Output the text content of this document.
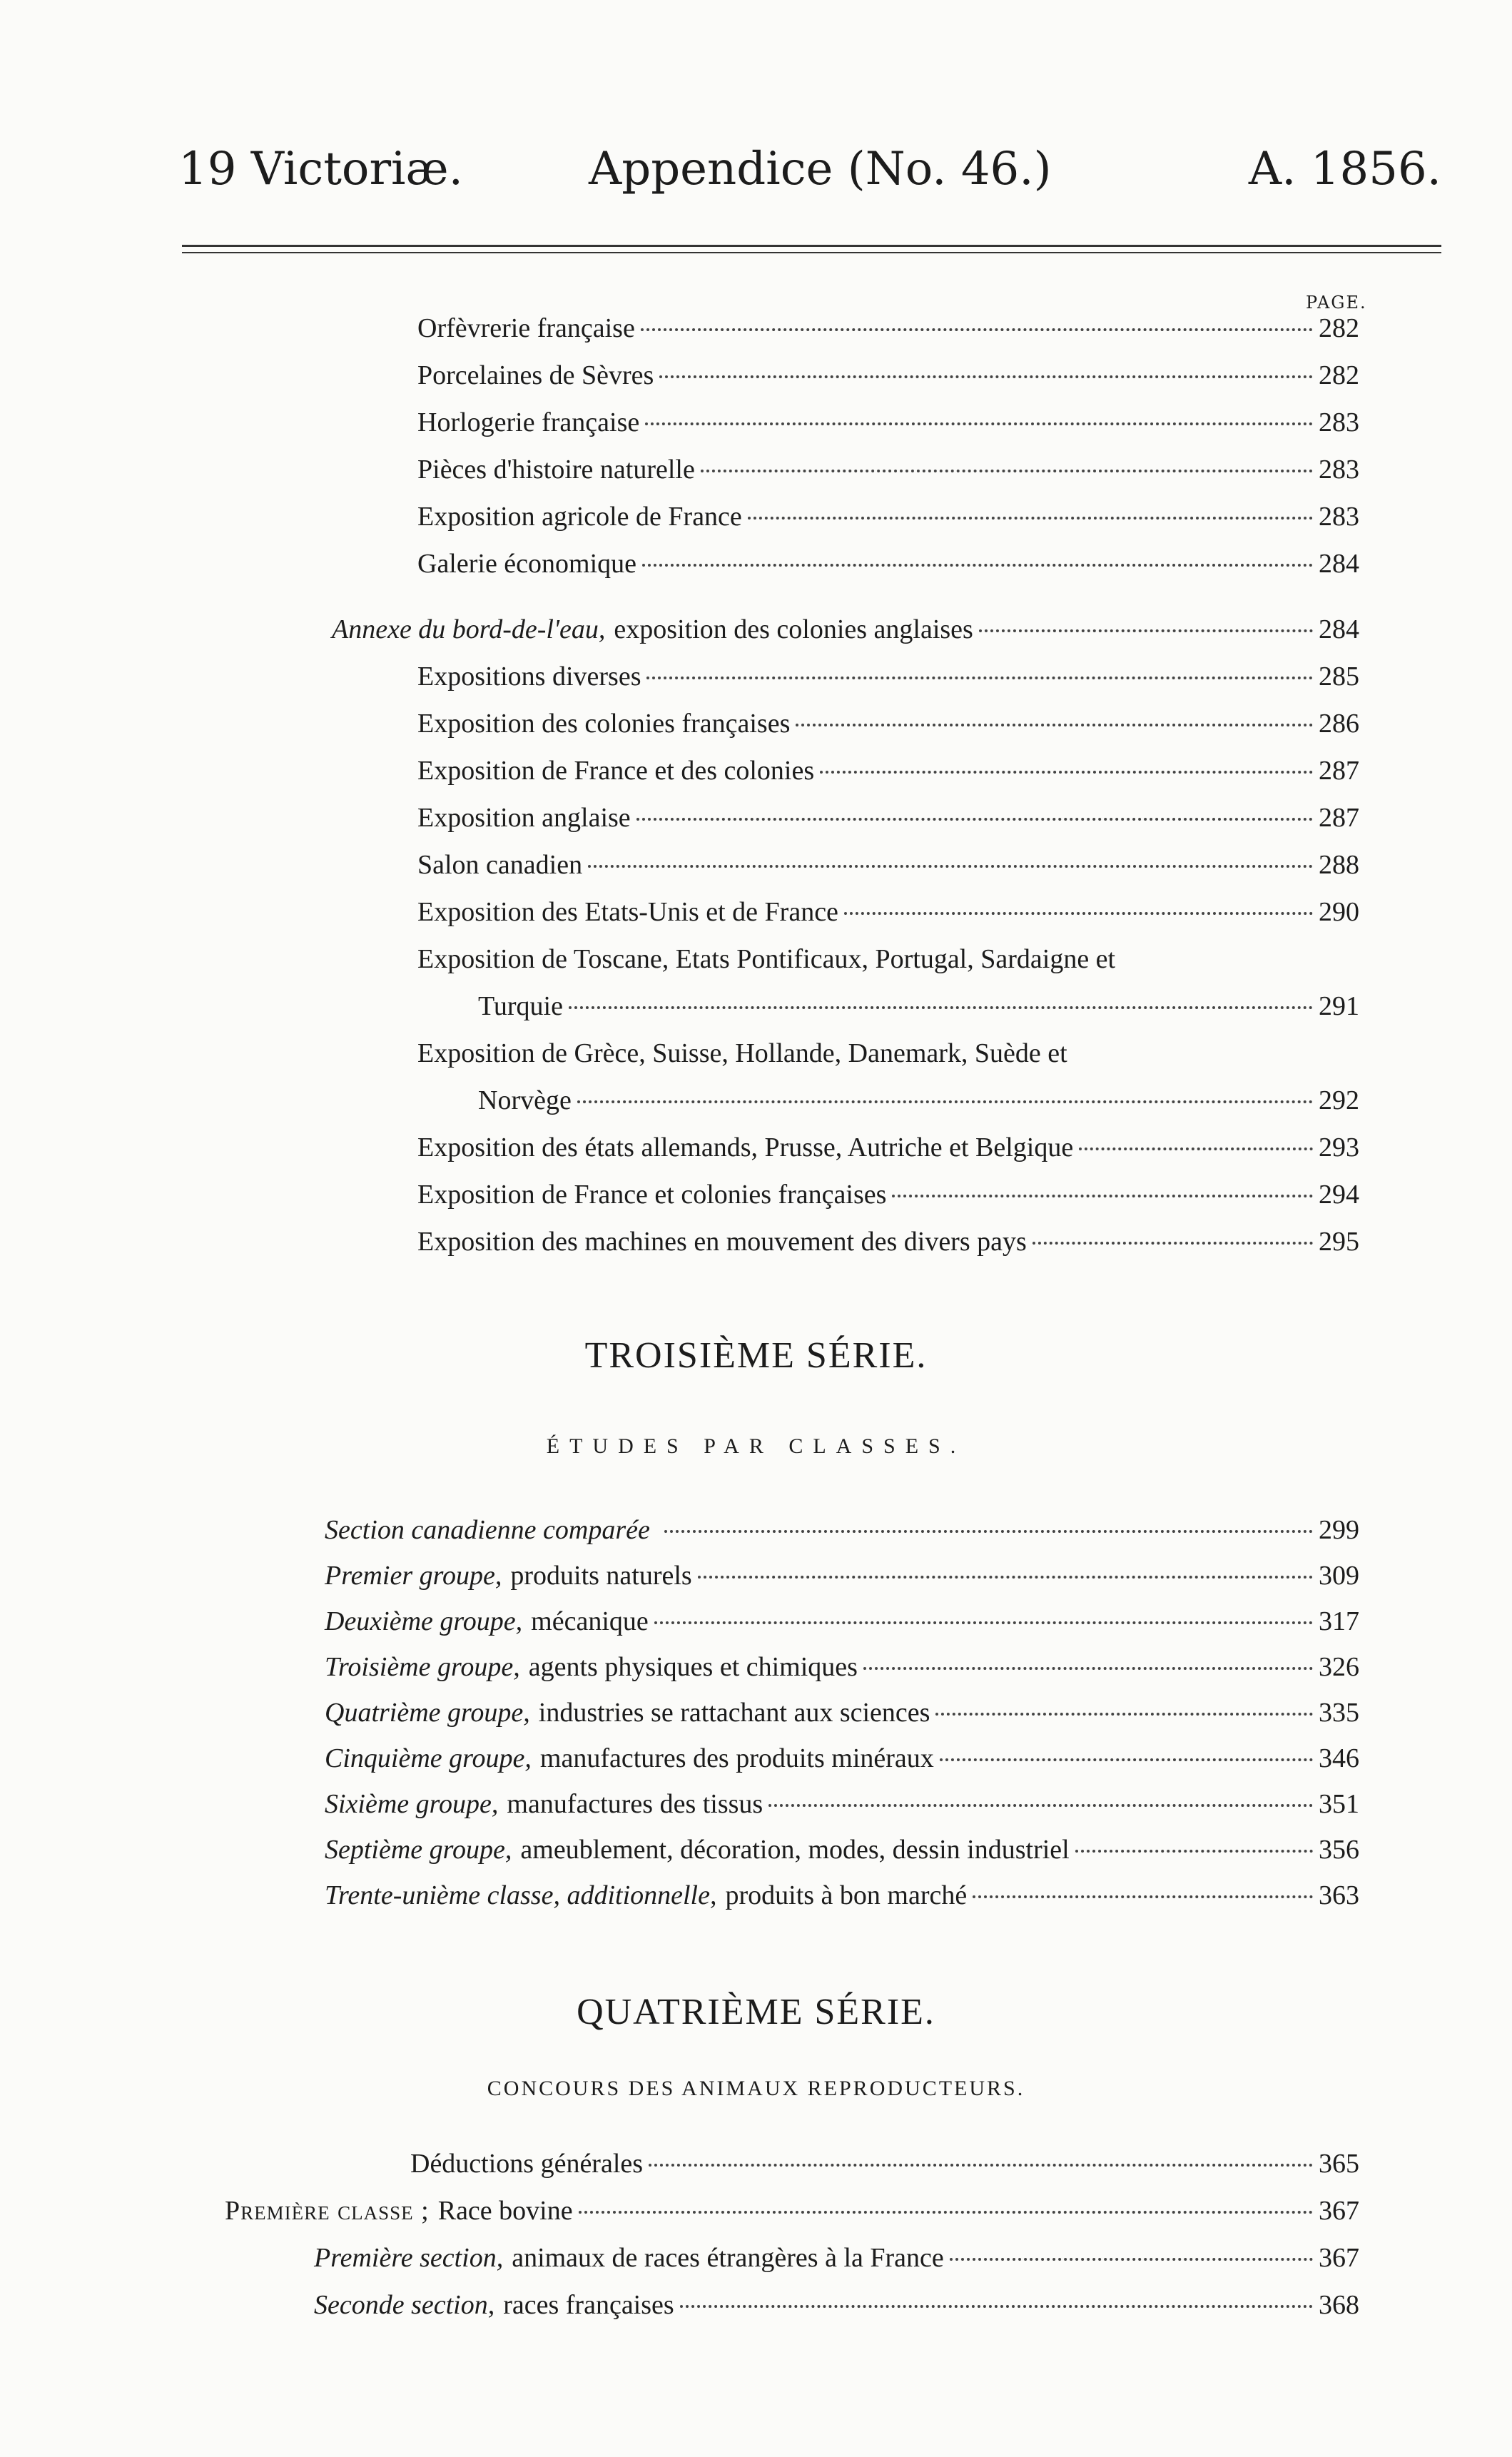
19 Victoriæ.	Appendice (No. 46.)	A. 1856.
PAGE.
Orfèvrerie française	282
Porcelaines de Sèvres	282
Horlogerie française	283
Pièces d'histoire naturelle	283
Exposition agricole de France	283
Galerie économique	284
Annexe du bord-de-l'eau, exposition des colonies anglaises	284
Expositions diverses	285
Exposition des colonies françaises	286
Exposition de France et des colonies	287
Exposition anglaise	287
Salon canadien	288
Exposition des Etats-Unis et de France	290
Exposition de Toscane, Etats Pontificaux, Portugal, Sardaigne et
Turquie	291
Exposition de Grèce, Suisse, Hollande, Danemark, Suède et
Norvège	292
Exposition des états allemands, Prusse, Autriche et Belgique	293
Exposition de France et colonies françaises	294
Exposition des machines en mouvement des divers pays	295
TROISIÈME SÉRIE.
ÉTUDES PAR CLASSES.
Section canadienne comparée	299
Premier groupe, produits naturels	309
Deuxième groupe, mécanique	317
Troisième groupe, agents physiques et chimiques	326
Quatrième groupe, industries se rattachant aux sciences	335
Cinquième groupe, manufactures des produits minéraux	346
Sixième groupe, manufactures des tissus	351
Septième groupe, ameublement, décoration, modes, dessin industriel	356
Trente-unième classe, additionnelle, produits à bon marché	363
QUATRIÈME SÉRIE.
CONCOURS DES ANIMAUX REPRODUCTEURS.
Déductions générales	365
Première classe ; Race bovine	367
Première section, animaux de races étrangères à la France	367
Seconde section, races françaises	368
